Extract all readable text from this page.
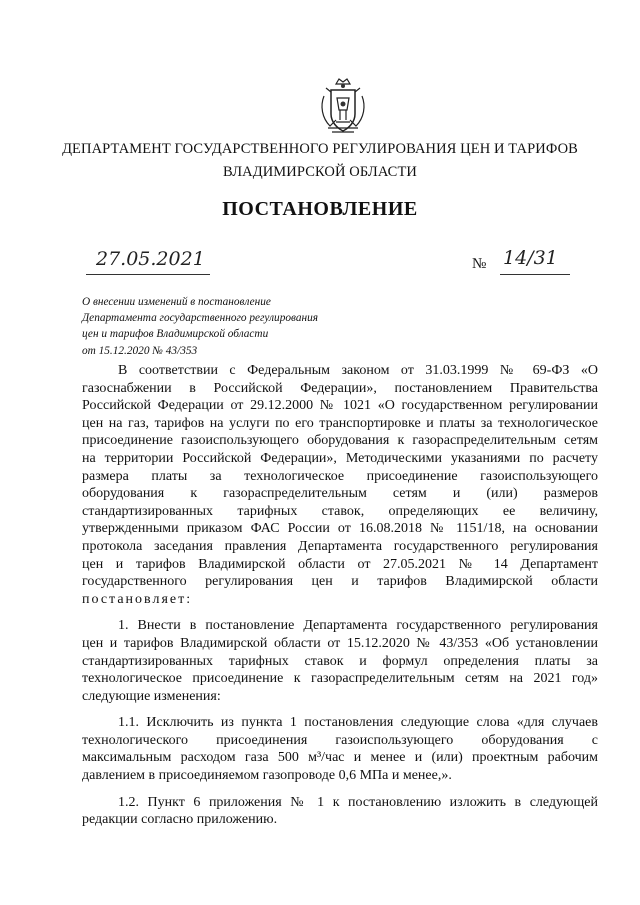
ДЕПАРТАМЕНТ ГОСУДАРСТВЕННОГО РЕГУЛИРОВАНИЯ ЦЕН И ТАРИФОВ
ВЛАДИМИРСКОЙ ОБЛАСТИ
ПОСТАНОВЛЕНИЕ
27.05.2021	№ 14/31
О внесении изменений в постановление
Департамента государственного регулирования
цен и тарифов Владимирской области
от 15.12.2020 № 43/353
В соответствии с Федеральным законом от 31.03.1999 № 69-ФЗ «О
газоснабжении в Российской Федерации», постановлением Правительства
Российской Федерации от 29.12.2000 № 1021 «О государственном регулировании
цен на газ, тарифов на услуги по его транспортировке и платы за технологическое
присоединение газоиспользующего оборудования к газораспределительным сетям
на территории Российской Федерации», Методическими указаниями по расчету
размера платы за технологическое присоединение газоиспользующего
оборудования к газораспределительным сетям и (или) размеров
стандартизированных тарифных ставок, определяющих ее величину,
утвержденными приказом ФАС России от 16.08.2018 № 1151/18, на основании
протокола заседания правления Департамента государственного регулирования
цен и тарифов Владимирской области от 27.05.2021 № 14 Департамент
государственного регулирования цен и тарифов Владимирской области
постановляет:
1. Внести в постановление Департамента государственного регулирования
цен и тарифов Владимирской области от 15.12.2020 № 43/353 «Об установлении
стандартизированных тарифных ставок и формул определения платы за
технологическое присоединение к газораспределительным сетям на 2021 год»
следующие изменения:
1.1. Исключить из пункта 1 постановления следующие слова «для случаев
технологического присоединения газоиспользующего оборудования с
максимальным расходом газа 500 м³/час и менее и (или) проектным рабочим
давлением в присоединяемом газопроводе 0,6 МПа и менее,».
1.2. Пункт 6 приложения № 1 к постановлению изложить в следующей
редакции согласно приложению.
